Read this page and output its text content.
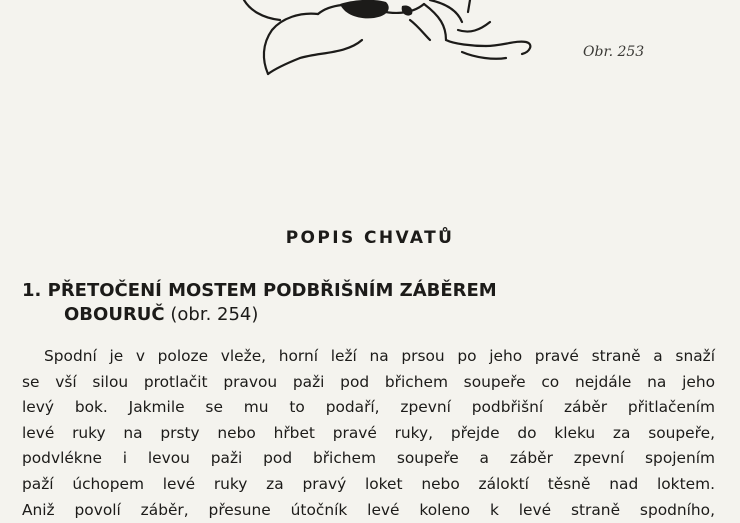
Obr. 253
POPIS CHVATŮ
1. PŘETOČENÍ MOSTEM PODBŘIŠNÍM ZÁBĚREM
OBOURUČ (obr. 254)
Spodní je v poloze vleže, horní leží na prsou po jeho pravé straně a snaží
se vší silou protlačit pravou paži pod břichem soupeře co nejdále na jeho
levý bok. Jakmile se mu to podaří, zpevní podbřišní záběr přitlačením
levé ruky na prsty nebo hřbet pravé ruky, přejde do kleku za soupeře,
podvlékne i levou paži pod břichem soupeře a záběr zpevní spojením
paží úchopem levé ruky za pravý loket nebo záloktí těsně nad loktem.
Aniž povolí záběr, přesune útočník levé koleno k levé straně spodního,
